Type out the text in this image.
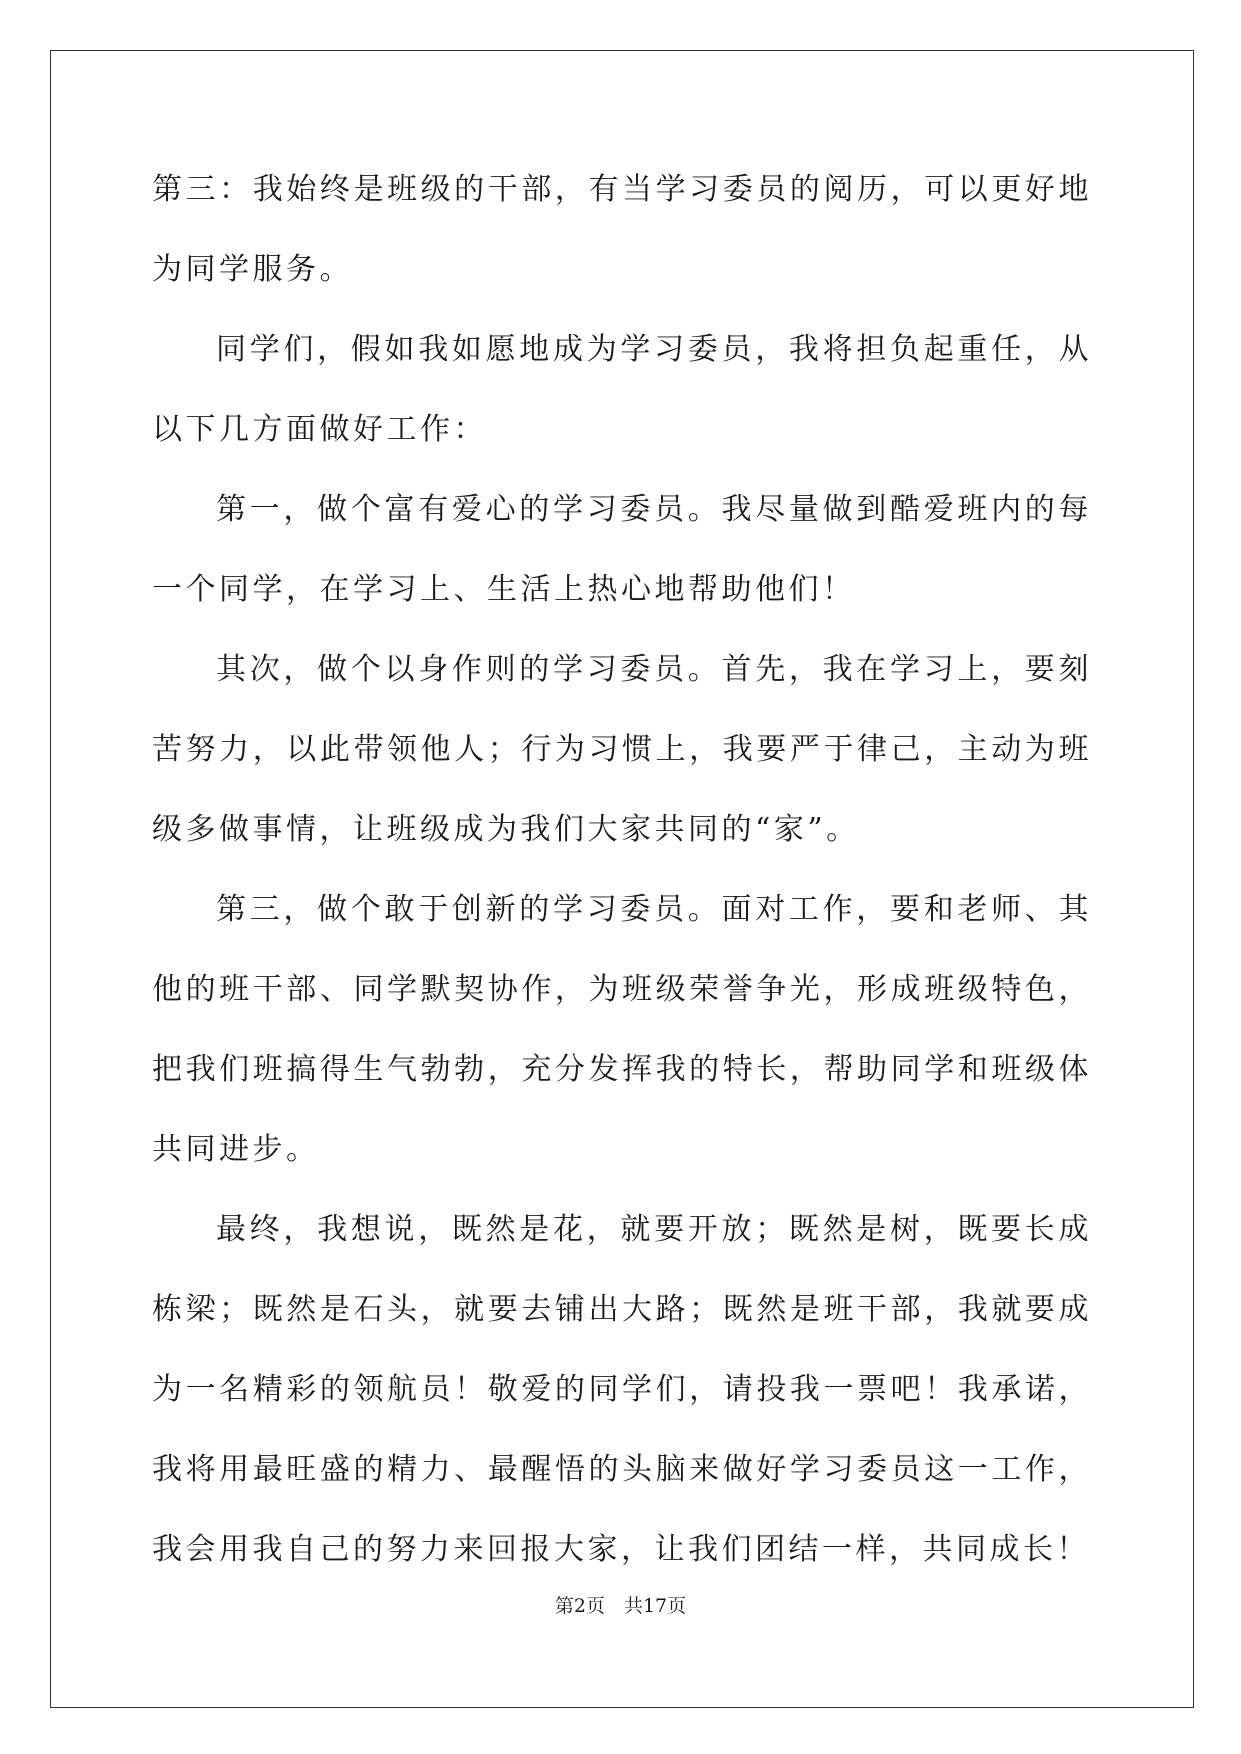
第三：我始终是班级的干部，有当学习委员的阅历，可以更好地为同学服务。

同学们，假如我如愿地成为学习委员，我将担负起重任，从以下几方面做好工作：

第一，做个富有爱心的学习委员。我尽量做到酷爱班内的每一个同学，在学习上、生活上热心地帮助他们！

其次，做个以身作则的学习委员。首先，我在学习上，要刻苦努力，以此带领他人；行为习惯上，我要严于律己，主动为班级多做事情，让班级成为我们大家共同的“家”。

第三，做个敢于创新的学习委员。面对工作，要和老师、其他的班干部、同学默契协作，为班级荣誉争光，形成班级特色，把我们班搞得生气勃勃，充分发挥我的特长，帮助同学和班级体共同进步。

最终，我想说，既然是花，就要开放；既然是树，既要长成栋梁；既然是石头，就要去铺出大路；既然是班干部，我就要成为一名精彩的领航员！敬爱的同学们，请投我一票吧！我承诺，我将用最旺盛的精力、最醒悟的头脑来做好学习委员这一工作，我会用我自己的努力来回报大家，让我们团结一样，共同成长！

第2页　共17页
